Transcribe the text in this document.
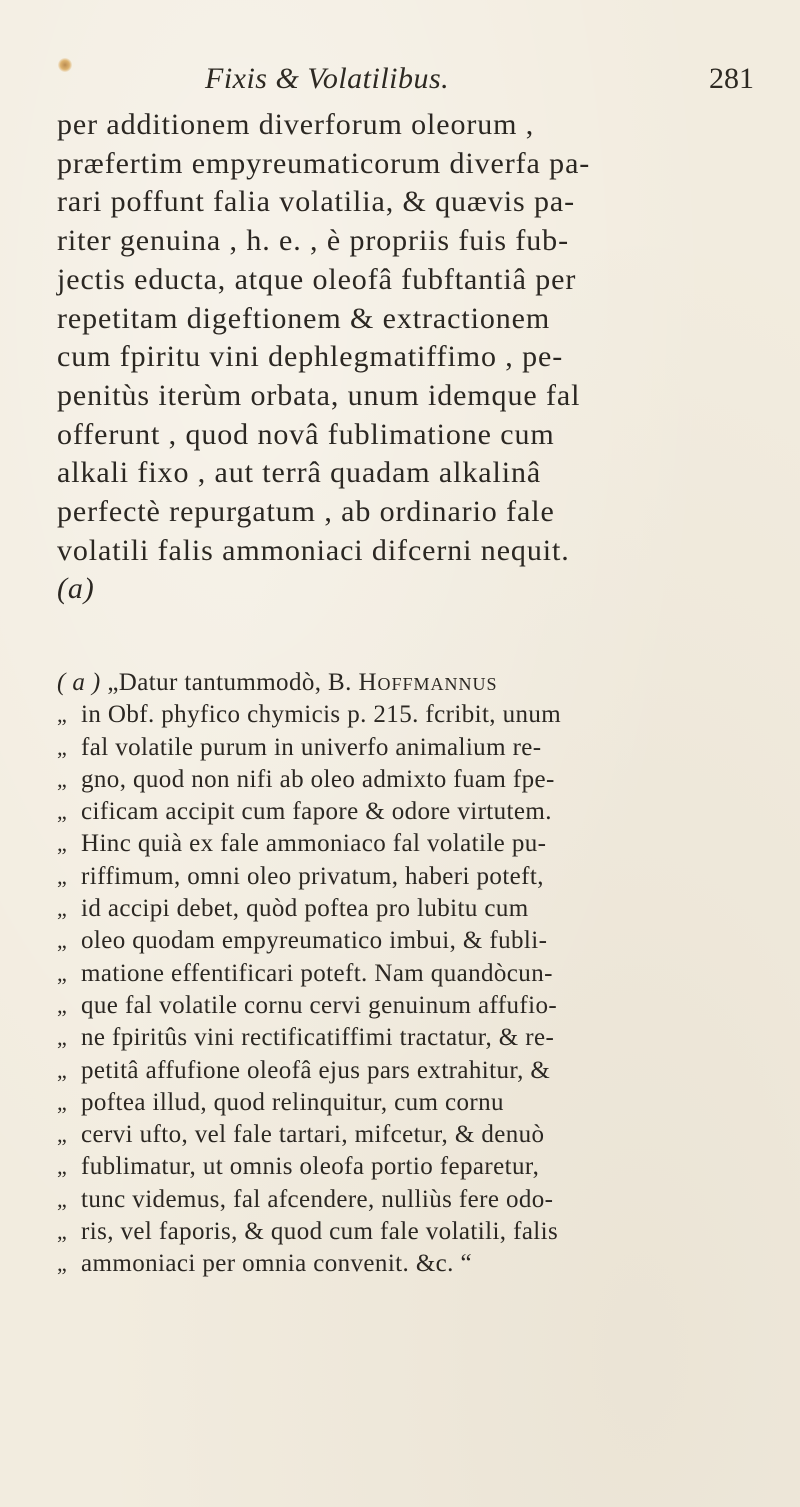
Fixis & Volatilibus.	281
per additionem diverforum oleorum ,
præfertim empyreumaticorum diverfa pa-
rari poffunt falia volatilia, & quævis pa-
riter genuina , h. e. , è propriis fuis fub-
jectis educta, atque oleofâ fubftantiâ per
repetitam digeftionem & extractionem
cum fpiritu vini dephlegmatiffimo , pe-
penitùs iterùm orbata, unum idemque fal
offerunt , quod novâ fublimatione cum
alkali fixo , aut terrâ quadam alkalinâ
perfectè repurgatum , ab ordinario fale
volatili falis ammoniaci difcerni nequit.
(a)
( a ) „Datur tantummodò, B. Hoffmannus
„ in Obf. phyfico chymicis p. 215. fcribit, unum
„ fal volatile purum in univerfo animalium re-
„ gno, quod non nifi ab oleo admixto fuam fpe-
„ cificam accipit cum fapore & odore virtutem.
„ Hinc quià ex fale ammoniaco fal volatile pu-
„ riffimum, omni oleo privatum, haberi poteft,
„ id accipi debet, quòd poftea pro lubitu cum
„ oleo quodam empyreumatico imbui, & fubli-
„ matione effentificari poteft. Nam quandòcun-
„ que fal volatile cornu cervi genuinum affufio-
„ ne fpiritûs vini rectificatiffimi tractatur, & re-
„ petitâ affufione oleofâ ejus pars extrahitur, &
„ poftea illud, quod relinquitur, cum cornu
„ cervi ufto, vel fale tartari, mifcetur, & denuò
„ fublimatur, ut omnis oleofa portio feparetur,
„ tunc videmus, fal afcendere, nulliùs fere odo-
„ ris, vel faporis, & quod cum fale volatili, falis
„ ammoniaci per omnia convenit. &c. “
